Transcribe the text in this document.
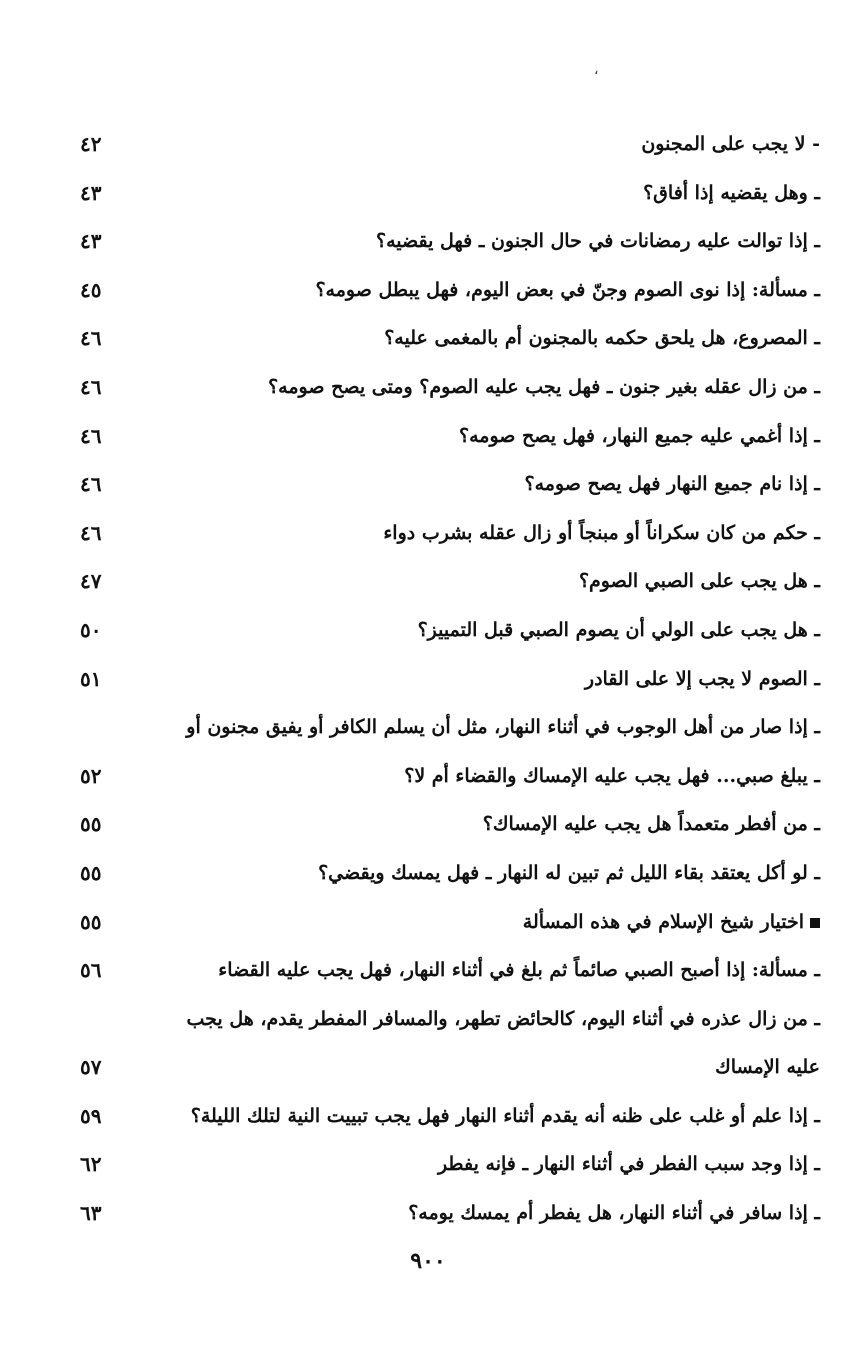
،
- لا يجب على المجنون
٤٢
ـ وهل يقضيه إذا أفاق؟
٤٣
ـ إذا توالت عليه رمضانات في حال الجنون ـ فهل يقضيه؟
٤٣
ـ مسألة: إذا نوى الصوم وجنّ في بعض اليوم، فهل يبطل صومه؟
٤٥
ـ المصروع، هل يلحق حكمه بالمجنون أم بالمغمى عليه؟
٤٦
ـ من زال عقله بغير جنون ـ فهل يجب عليه الصوم؟ ومتى يصح صومه؟
٤٦
ـ إذا أغمي عليه جميع النهار، فهل يصح صومه؟
٤٦
ـ إذا نام جميع النهار فهل يصح صومه؟
٤٦
ـ حكم من كان سكراناً أو مبنجاً أو زال عقله بشرب دواء
٤٦
ـ هل يجب على الصبي الصوم؟
٤٧
ـ هل يجب على الولي أن يصوم الصبي قبل التمييز؟
٥٠
ـ الصوم لا يجب إلا على القادر
٥١
ـ إذا صار من أهل الوجوب في أثناء النهار، مثل أن يسلم الكافر أو يفيق مجنون أو
ـ يبلغ صبي... فهل يجب عليه الإمساك والقضاء أم لا؟
٥٢
ـ من أفطر متعمداً هل يجب عليه الإمساك؟
٥٥
ـ لو أكل يعتقد بقاء الليل ثم تبين له النهار ـ فهل يمسك ويقضي؟
٥٥
اختيار شيخ الإسلام في هذه المسألة
٥٥
ـ مسألة: إذا أصبح الصبي صائماً ثم بلغ في أثناء النهار، فهل يجب عليه القضاء
٥٦
ـ من زال عذره في أثناء اليوم، كالحائض تطهر، والمسافر المفطر يقدم، هل يجب
عليه الإمساك
٥٧
ـ إذا علم أو غلب على ظنه أنه يقدم أثناء النهار فهل يجب تبييت النية لتلك الليلة؟
٥٩
ـ إذا وجد سبب الفطر في أثناء النهار ـ فإنه يفطر
٦٢
ـ إذا سافر في أثناء النهار، هل يفطر أم يمسك يومه؟
٦٣
٩٠٠
